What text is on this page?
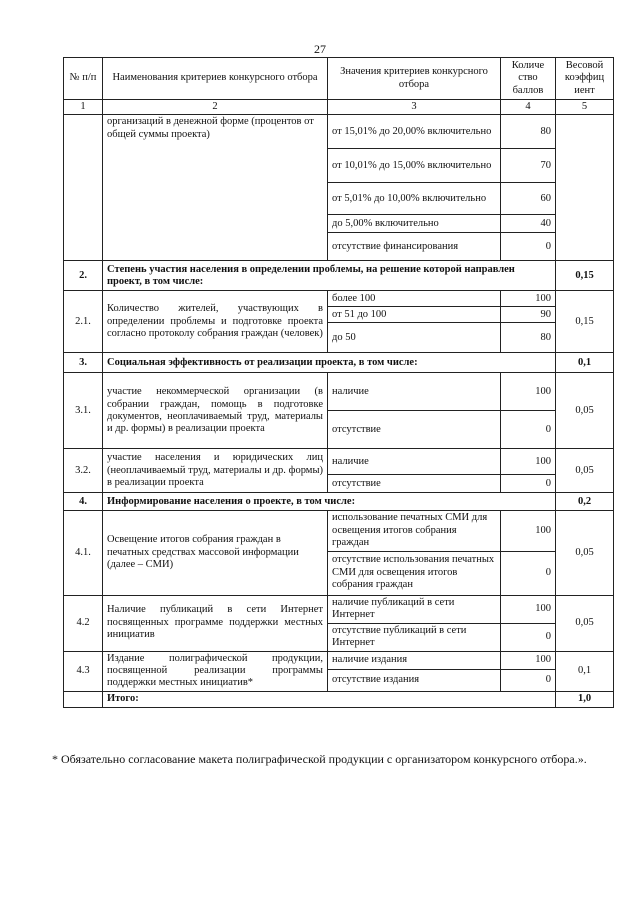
27
№ п/п	Наименования критериев конкурсного отбора	Значения критериев конкурсного отбора	Количе ство баллов	Весовой коэффиц иент
1	2	3	4	5
	организаций в денежной форме (процентов от общей суммы проекта)	от 15,01% до 20,00% включительно	80	
		от 10,01% до 15,00% включительно	70	
		от 5,01% до 10,00% включительно	60	
		до 5,00% включительно	40	
		отсутствие финансирования	0	
2.	Степень участия населения в определении проблемы, на решение которой направлен проект, в том числе:			0,15
2.1.	Количество жителей, участвующих в определении проблемы и подготовке проекта согласно протоколу собрания граждан (человек)	более 100	100	0,15
		от 51 до 100	90	
		до 50	80	
3.	Социальная эффективность от реализации проекта, в том числе:			0,1
3.1.	участие некоммерческой организации (в собрании граждан, помощь в подготовке документов, неоплачиваемый труд, материалы и др. формы) в реализации проекта	наличие	100	0,05
		отсутствие	0	
3.2.	участие населения и юридических лиц (неоплачиваемый труд, материалы и др. формы) в реализации проекта	наличие	100	0,05
		отсутствие	0	
4.	Информирование населения о проекте, в том числе:			0,2
4.1.	Освещение итогов собрания граждан в печатных средствах массовой информации (далее – СМИ)	использование печатных СМИ для освещения итогов собрания граждан	100	0,05
		отсутствие использования печатных СМИ для освещения итогов собрания граждан	0	
4.2	Наличие публикаций в сети Интернет посвященных программе поддержки местных инициатив	наличие публикаций в сети Интернет	100	0,05
		отсутствие публикаций в сети Интернет	0	
4.3	Издание полиграфической продукции, посвященной реализации программы поддержки местных инициатив*	наличие издания	100	0,1
		отсутствие издания	0	
	Итого:			1,0
* Обязательно согласование макета полиграфической продукции с организатором конкурсного отбора.».
